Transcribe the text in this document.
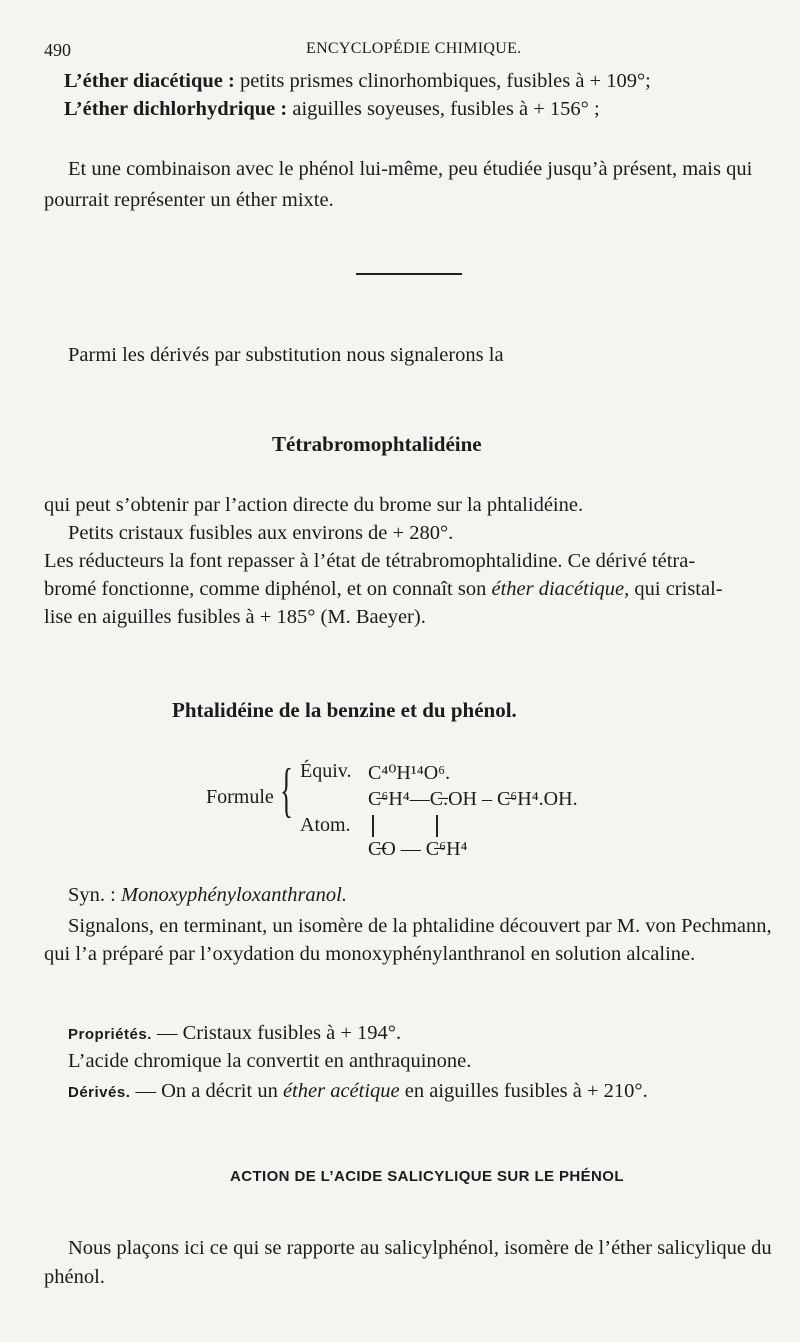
490	ENCYCLOPÉDIE CHIMIQUE.
L’éther diacétique : petits prismes clinorhombiques, fusibles à + 109°;
L’éther dichlorhydrique : aiguilles soyeuses, fusibles à + 156° ;
Et une combinaison avec le phénol lui-même, peu étudiée jusqu’à présent, mais qui pourrait représenter un éther mixte.
Parmi les dérivés par substitution nous signalerons la
Tétrabromophtalidéine
qui peut s’obtenir par l’action directe du brome sur la phtalidéine.
Petits cristaux fusibles aux environs de + 280°.
Les réducteurs la font repasser à l’état de tétrabromophtalidine. Ce dérivé tétra-
bromé fonctionne, comme diphénol, et on connaît son éther diacétique, qui cristal-
lise en aiguilles fusibles à + 185° (M. Baeyer).
Phtalidéine de la benzine et du phénol.
Formule { Équiv. C⁴⁰H¹⁴O⁶.
C̶⁶H⁴—C̶.OH – C̶⁶H⁴.OH.
Atom.
C̶O — C̶⁶H⁴
Syn. : Monoxyphényloxanthranol.
Signalons, en terminant, un isomère de la phtalidine découvert par M. von Pechmann, qui l’a préparé par l’oxydation du monoxyphénylanthranol en solution alcaline.
Propriétés. — Cristaux fusibles à + 194°.
L’acide chromique la convertit en anthraquinone.
Dérivés. — On a décrit un éther acétique en aiguilles fusibles à + 210°.
ACTION DE L’ACIDE SALICYLIQUE SUR LE PHÉNOL
Nous plaçons ici ce qui se rapporte au salicylphénol, isomère de l’éther salicylique du phénol.
